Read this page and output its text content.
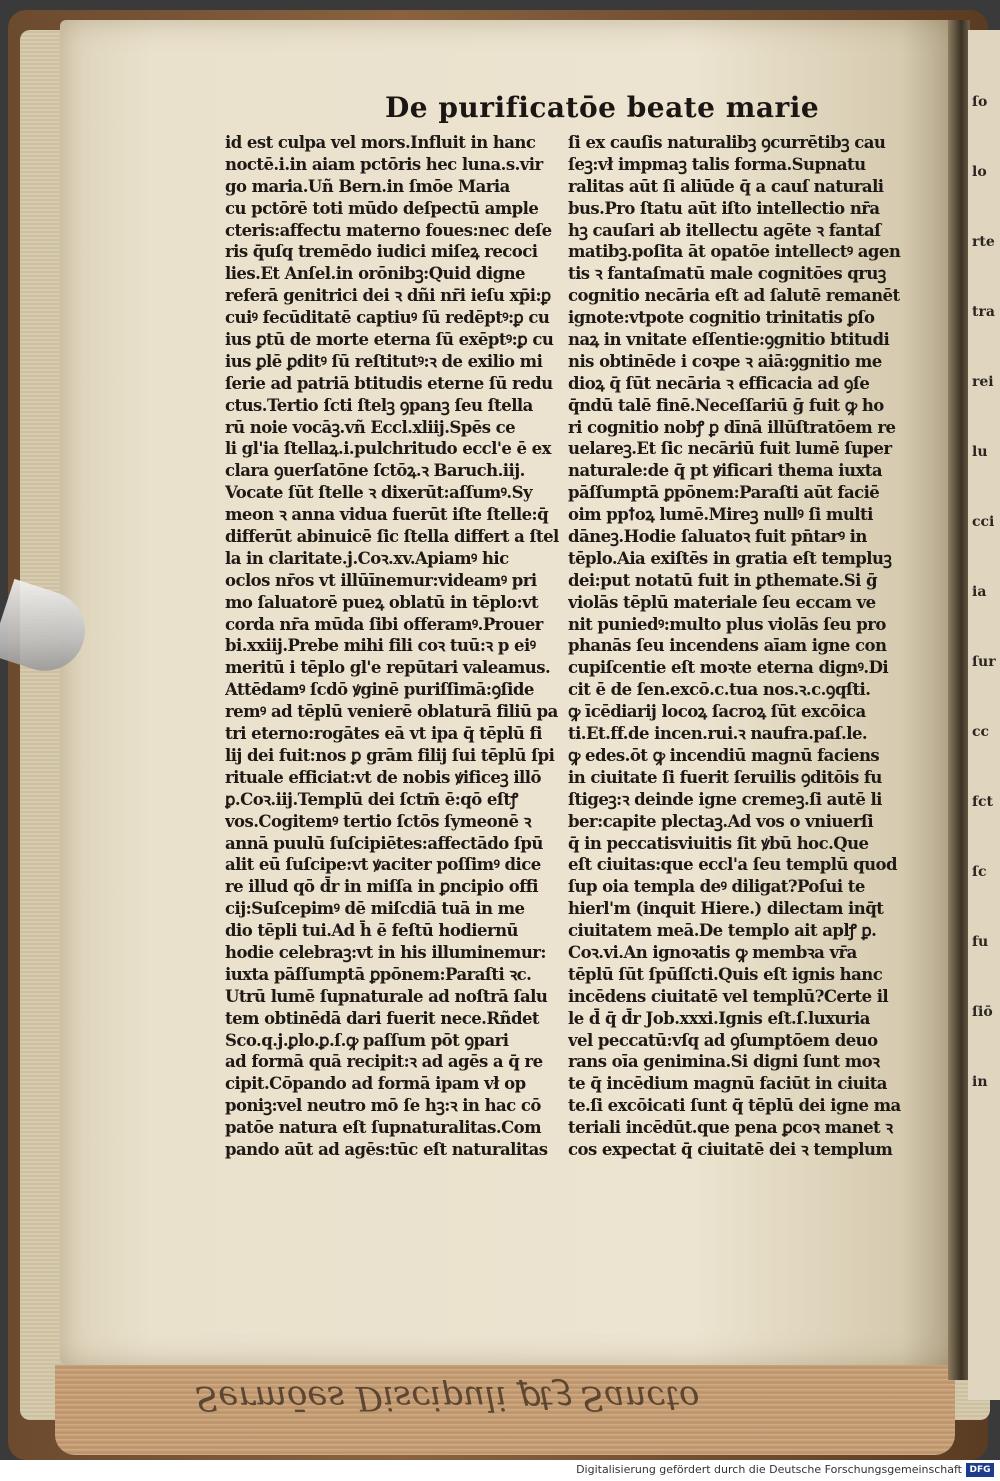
Sermōes Discipuli ꝑtꝫ Sancto
ſo
lo
rte
tra
rei
lu
cci
ia
ſur
cc
fct
ſc
fu
ſiō
in
De purificatōe beate marie
id est culpa vel mors.Influit in hanc
noctē.i.in aiam pctōris hec luna.s.vir
go maria.Uñ Bern.in ſmōe Maria
cu pctōrē toti mūdo deſpectū ample
cteris:affectu materno foues:nec deſe
ris q̄uſq tremēdo iudici miſeꝝ recoci
lies.Et Anſel.in orōnibꝫ:Quid digne
referā genitrici dei ꝛ dñi nr̄i ieſu xp̄i:ꝑ
cuiꝰ fecūditatē captiuꝰ ſū redēptꝰ:ꝑ cu
ius ꝑtū de morte eterna ſū exēptꝰ:ꝑ cu
ius ꝑlē ꝑditꝰ ſū reſtitutꝰ:ꝛ de exilio mi
ſerie ad patriā btitudis eterne ſū redu
ctus.Tertio ſcti ſtelꝫ ꝯpanꝫ ſeu ſtella
rū noie vocāꝫ.vñ Eccl.xliij.Spēs ce
li gl'ia ſtellaꝝ.i.pulchritudo eccl'e ē ex
clara ꝯuerſatōne ſctōꝝ.ꝛ Baruch.iij.
Vocate ſūt ſtelle ꝛ dixerūt:aſſumꝰ.Sy
meon ꝛ anna vidua fuerūt iſte ſtelle:q̄
differūt abinuicē ſic ſtella differt a ſtel
la in claritate.j.Coꝛ.xv.Apiamꝰ hic
oclos nr̄os vt illūīnemur:videamꝰ pri
mo ſaluatorē pueꝝ oblatū in tēplo:vt
corda nr̄a mūda ſibi offeramꝰ.Prouer
bi.xxiij.Prebe mihi fili coꝛ tuū:ꝛ p eiꝰ
meritū i tēplo gl'e repūtari valeamus.
Attēdamꝰ ſcdō ꝟginē puriſſimā:ꝯſide
remꝰ ad tēplū venierē oblaturā filiū pa
tri eterno:rogātes eā vt ipa q̄ tēplū fi
lij dei fuit:nos ꝑ grām filij ſui tēplū ſpi
rituale efficiat:vt de nobis ꝟificeꝫ illō
ꝑ.Coꝛ.iij.Templū dei ſctm̄ ē:qō eſtꝭ
vos.Cogitemꝰ tertio ſctōs ſymeonē ꝛ
annā puulū ſuſcipiētes:affectādo ſpū
alit eū ſuſcipe:vt ꝟaciter poſſimꝰ dice
re illud qō d̄r in miſſa in ꝑncipio offi
cij:Suſcepimꝰ dē miſcdiā tuā in me
dio tēpli tui.Ad h̄ ē feſtū hodiernū
hodie celebraꝫ:vt in his illuminemur:
iuxta pāſſumptā ꝑpōnem:Paraſti ꝛc.
Utrū lumē ſupnaturale ad noſtrā ſalu
tem obtinēdā dari fuerit nece.Rñdet
Sco.q.j.ꝑlo.ꝑ.ſ.ꝙ paſſum pōt ꝯpari
ad formā quā recipit:ꝛ ad agēs a q̄ re
cipit.Cōpando ad formā ipam vł op
poniꝫ:vel neutro mō ſe hꝫ:ꝛ in hac cō
patōe natura eſt ſupnaturalitas.Com
pando aūt ad agēs:tūc eſt naturalitas
ſi ex cauſis naturalibꝫ ꝯcurrētibꝫ cau
ſeꝫ:vł impmaꝫ talis forma.Supnatu
ralitas aūt ſi aliūde q̄ a cauſ naturali
bus.Pro ſtatu aūt iſto intellectio nr̄a
hꝫ cauſari ab itellectu agēte ꝛ fantaſ
matibꝫ.poſita āt opatōe intellectꝰ agen
tis ꝛ fantaſmatū male cognitōes qruꝫ
cognitio necāria eſt ad ſalutē remanēt
ignote:vtpote cognitio trinitatis ꝑſo
naꝝ in vnitate eſſentie:ꝯgnitio btitudi
nis obtinēde i coꝛpe ꝛ aiā:ꝯgnitio me
dioꝝ q̄ ſūt necāria ꝛ efficacia ad ꝯſe
q̄ndū talē finē.Neceſſariū ḡ fuit ꝙ ho
ri cognitio nobꝭ ꝑ dīnā illūſtratōem re
uelareꝫ.Et ſic necāriū fuit lumē ſuper
naturale:de q̄ pt ꝟificari thema iuxta
pāſſumptā ꝑpōnem:Paraſti aūt faciē
oim ppꝉoꝝ lumē.Mireꝫ nullꝰ ſi multi
dāneꝫ.Hodie ſaluatoꝛ fuit pn̄tarꝰ in
tēplo.Aia exiſtēs in gratia eſt templuꝫ
dei:put notatū fuit in ꝑthemate.Si ḡ
violās tēplū materiale ſeu eccam ve
nit puniedꝰ:multo plus violās ſeu pro
phanās ſeu incendens aīam igne con
cupiſcentie eſt moꝛte eterna dignꝰ.Di
cit ē de ſen.excō.c.tua nos.ꝛ.c.ꝯqſti.
ꝙ īcēdiarij locoꝝ ſacroꝝ ſūt excōica
ti.Et.ff.de incen.rui.ꝛ naufra.paſ.le.
ꝙ edes.ōt ꝙ incendiū magnū faciens
in ciuitate ſi fuerit ſeruilis ꝯditōis fu
ſtigeꝫ:ꝛ deinde igne cremeꝫ.ſi autē li
ber:capite plectaꝫ.Ad vos o vniuerſi
q̄ in peccatisviuitis ſit ꝟbū hoc.Que
eſt ciuitas:que eccl'a ſeu templū quod
ſup oia templa deꝰ diligat?Poſui te
hierl'm (inquit Hiere.) dilectam inq̄t
ciuitatem meā.De templo ait aplꝭ ꝑ.
Coꝛ.vi.An ignoꝛatis ꝙ membꝛa vr̄a
tēplū ſūt ſpūſſcti.Quis eſt ignis hanc
incēdens ciuitatē vel templū?Certe il
le d̄ q̄ d̄r Job.xxxi.Ignis eſt.ſ.luxuria
vel peccatū:vſq ad ꝯſumptōem deuo
rans oīa genimina.Si digni ſunt moꝛ
te q̄ incēdium magnū faciūt in ciuita
te.ſi excōicati ſunt q̄ tēplū dei igne ma
teriali incēdūt.que pena ꝑcoꝛ manet ꝛ
cos expectat q̄ ciuitatē dei ꝛ templum
Digitalisierung gefördert durch die Deutsche Forschungsgemeinschaft DFG
